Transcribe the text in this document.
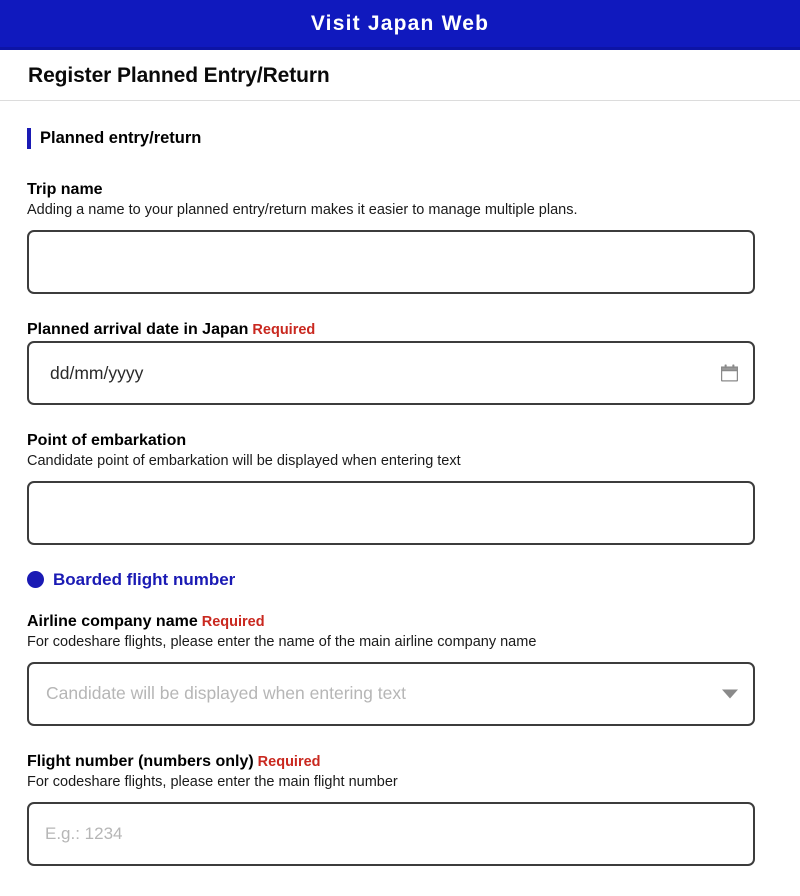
Visit Japan Web
Register Planned Entry/Return
Planned entry/return
Trip name
Adding a name to your planned entry/return makes it easier to manage multiple plans.
Planned arrival date in Japan Required
dd/mm/yyyy
Point of embarkation
Candidate point of embarkation will be displayed when entering text
Boarded flight number
Airline company name Required
For codeshare flights, please enter the name of the main airline company name
Candidate will be displayed when entering text
Flight number (numbers only) Required
For codeshare flights, please enter the main flight number
E.g.: 1234
